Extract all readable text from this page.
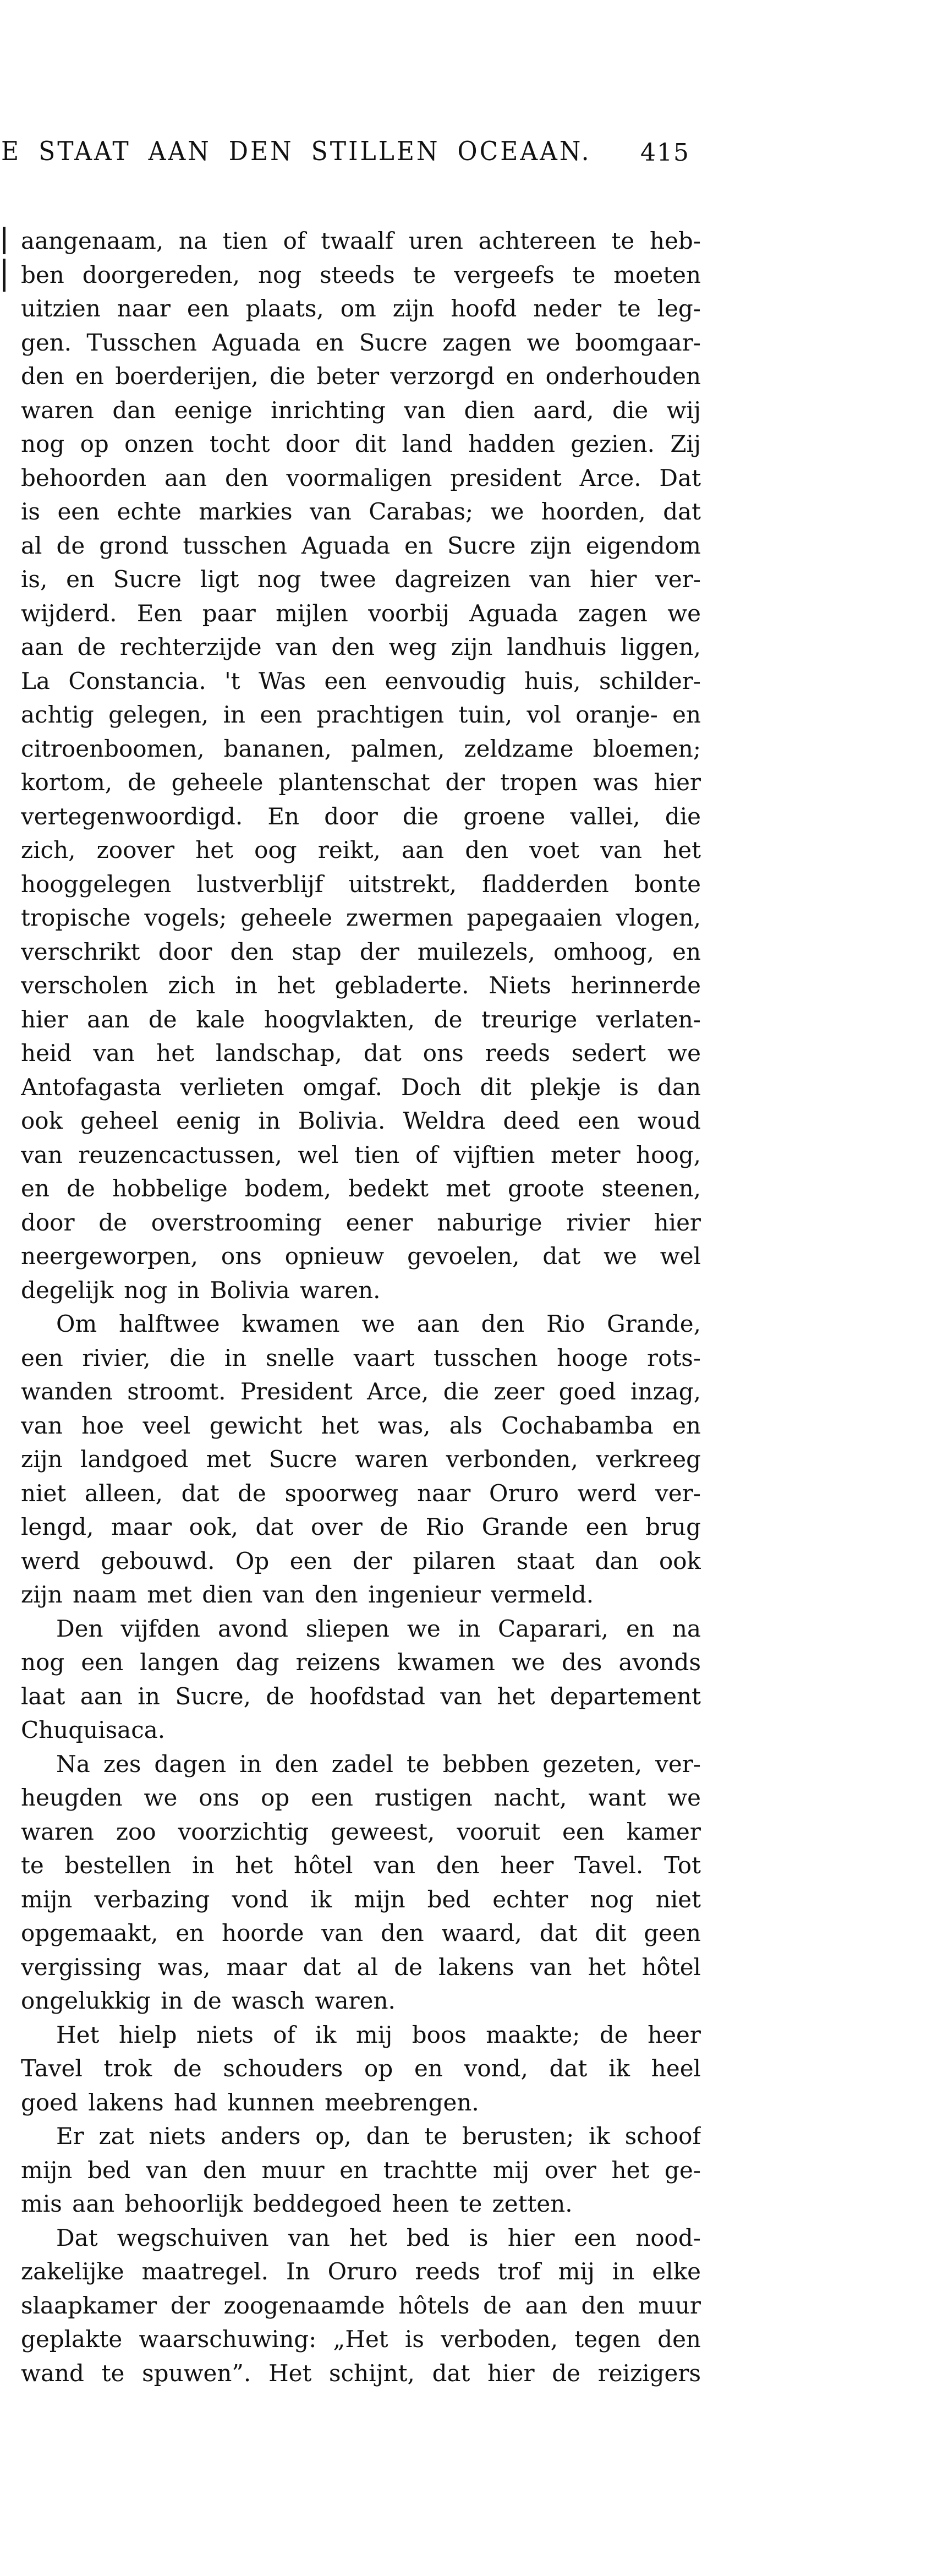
E STAAT AAN DEN STILLEN OCEAAN. 415
aangenaam, na tien of twaalf uren achtereen te heb-
ben doorgereden, nog steeds te vergeefs te moeten
uitzien naar een plaats, om zijn hoofd neder te leg-
gen. Tusschen Aguada en Sucre zagen we boomgaar-
den en boerderijen, die beter verzorgd en onderhouden
waren dan eenige inrichting van dien aard, die wij
nog op onzen tocht door dit land hadden gezien. Zij
behoorden aan den voormaligen president Arce. Dat
is een echte markies van Carabas; we hoorden, dat
al de grond tusschen Aguada en Sucre zijn eigendom
is, en Sucre ligt nog twee dagreizen van hier ver-
wijderd. Een paar mijlen voorbij Aguada zagen we
aan de rechterzijde van den weg zijn landhuis liggen,
La Constancia. 't Was een eenvoudig huis, schilder-
achtig gelegen, in een prachtigen tuin, vol oranje- en
citroenboomen, bananen, palmen, zeldzame bloemen;
kortom, de geheele plantenschat der tropen was hier
vertegenwoordigd. En door die groene vallei, die
zich, zoover het oog reikt, aan den voet van het
hooggelegen lustverblijf uitstrekt, fladderden bonte
tropische vogels; geheele zwermen papegaaien vlogen,
verschrikt door den stap der muilezels, omhoog, en
verscholen zich in het gebladerte. Niets herinnerde
hier aan de kale hoogvlakten, de treurige verlaten-
heid van het landschap, dat ons reeds sedert we
Antofagasta verlieten omgaf. Doch dit plekje is dan
ook geheel eenig in Bolivia. Weldra deed een woud
van reuzencactussen, wel tien of vijftien meter hoog,
en de hobbelige bodem, bedekt met groote steenen,
door de overstrooming eener naburige rivier hier
neergeworpen, ons opnieuw gevoelen, dat we wel
degelijk nog in Bolivia waren.
Om halftwee kwamen we aan den Rio Grande,
een rivier, die in snelle vaart tusschen hooge rots-
wanden stroomt. President Arce, die zeer goed inzag,
van hoe veel gewicht het was, als Cochabamba en
zijn landgoed met Sucre waren verbonden, verkreeg
niet alleen, dat de spoorweg naar Oruro werd ver-
lengd, maar ook, dat over de Rio Grande een brug
werd gebouwd. Op een der pilaren staat dan ook
zijn naam met dien van den ingenieur vermeld.
Den vijfden avond sliepen we in Caparari, en na
nog een langen dag reizens kwamen we des avonds
laat aan in Sucre, de hoofdstad van het departement
Chuquisaca.
Na zes dagen in den zadel te bebben gezeten, ver-
heugden we ons op een rustigen nacht, want we
waren zoo voorzichtig geweest, vooruit een kamer
te bestellen in het hôtel van den heer Tavel. Tot
mijn verbazing vond ik mijn bed echter nog niet
opgemaakt, en hoorde van den waard, dat dit geen
vergissing was, maar dat al de lakens van het hôtel
ongelukkig in de wasch waren.
Het hielp niets of ik mij boos maakte; de heer
Tavel trok de schouders op en vond, dat ik heel
goed lakens had kunnen meebrengen.
Er zat niets anders op, dan te berusten; ik schoof
mijn bed van den muur en trachtte mij over het ge-
mis aan behoorlijk beddegoed heen te zetten.
Dat wegschuiven van het bed is hier een nood-
zakelijke maatregel. In Oruro reeds trof mij in elke
slaapkamer der zoogenaamde hôtels de aan den muur
geplakte waarschuwing: „Het is verboden, tegen den
wand te spuwen”. Het schijnt, dat hier de reizigers
